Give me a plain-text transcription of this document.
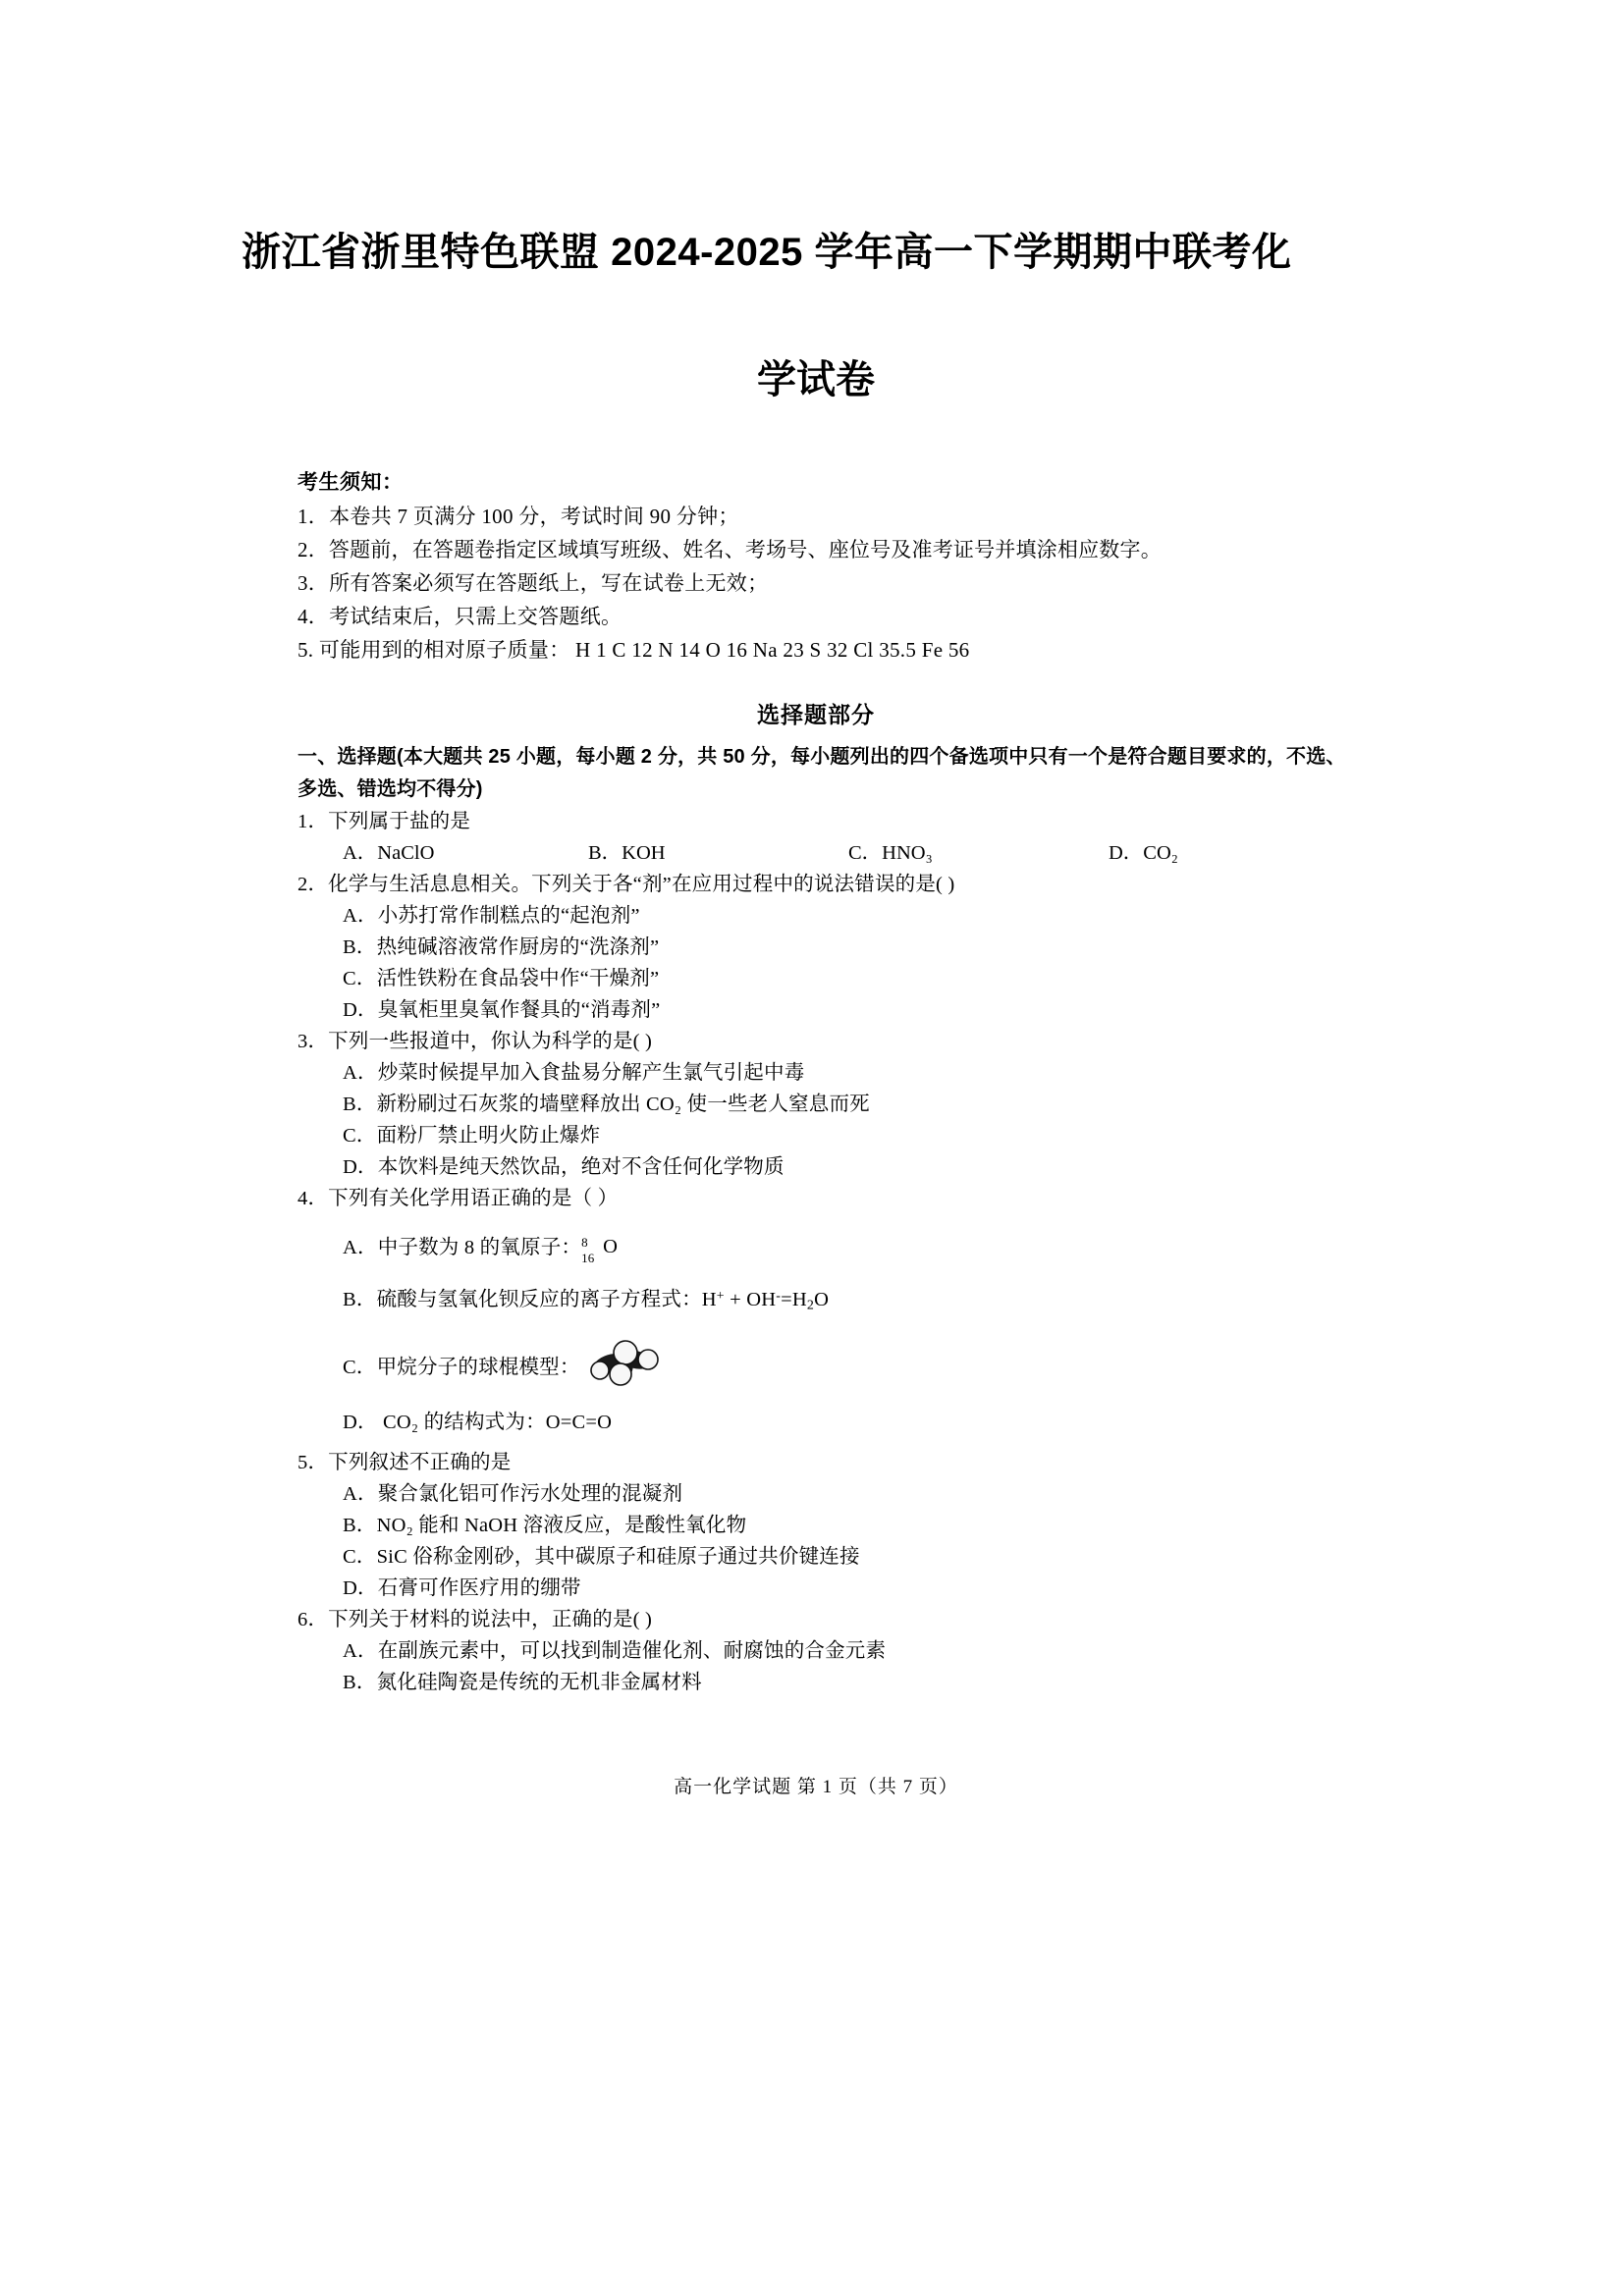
浙江省浙里特色联盟 2024-2025 学年高一下学期期中联考化
学试卷
考生须知：
1．本卷共 7 页满分 100 分，考试时间 90 分钟；
2．答题前，在答题卷指定区域填写班级、姓名、考场号、座位号及准考证号并填涂相应数字。
3．所有答案必须写在答题纸上，写在试卷上无效；
4．考试结束后，只需上交答题纸。
5. 可能用到的相对原子质量： H 1 C 12 N 14 O 16 Na 23 S 32 Cl 35.5 Fe 56
选择题部分
一、选择题(本大题共 25 小题，每小题 2 分，共 50 分，每小题列出的四个备选项中只有一个是符合题目要求的，不选、多选、错选均不得分)
1．下列属于盐的是
A．NaClO	B．KOH	C．HNO₃	D．CO₂
2．化学与生活息息相关。下列关于各“剂”在应用过程中的说法错误的是( )
A．小苏打常作制糕点的“起泡剂”
B．热纯碱溶液常作厨房的“洗涤剂”
C．活性铁粉在食品袋中作“干燥剂”
D．臭氧柜里臭氧作餐具的“消毒剂”
3．下列一些报道中，你认为科学的是( )
A．炒菜时候提早加入食盐易分解产生氯气引起中毒
B．新粉刷过石灰浆的墙壁释放出 CO₂ 使一些老人窒息而死
C．面粉厂禁止明火防止爆炸
D．本饮料是纯天然饮品，绝对不含任何化学物质
4．下列有关化学用语正确的是（ ）
A．中子数为 8 的氧原子： 8
16
O
B．硫酸与氢氧化钡反应的离子方程式：$H^+ + OH^-=H_2O$
C．甲烷分子的球棍模型：
D． CO₂ 的结构式为：O=C=O
5．下列叙述不正确的是
A．聚合氯化铝可作污水处理的混凝剂
B．NO₂ 能和 NaOH 溶液反应，是酸性氧化物
C．SiC 俗称金刚砂，其中碳原子和硅原子通过共价键连接
D．石膏可作医疗用的绷带
6．下列关于材料的说法中，正确的是( )
A．在副族元素中，可以找到制造催化剂、耐腐蚀的合金元素
B．氮化硅陶瓷是传统的无机非金属材料
高一化学试题 第 1 页（共 7 页）
